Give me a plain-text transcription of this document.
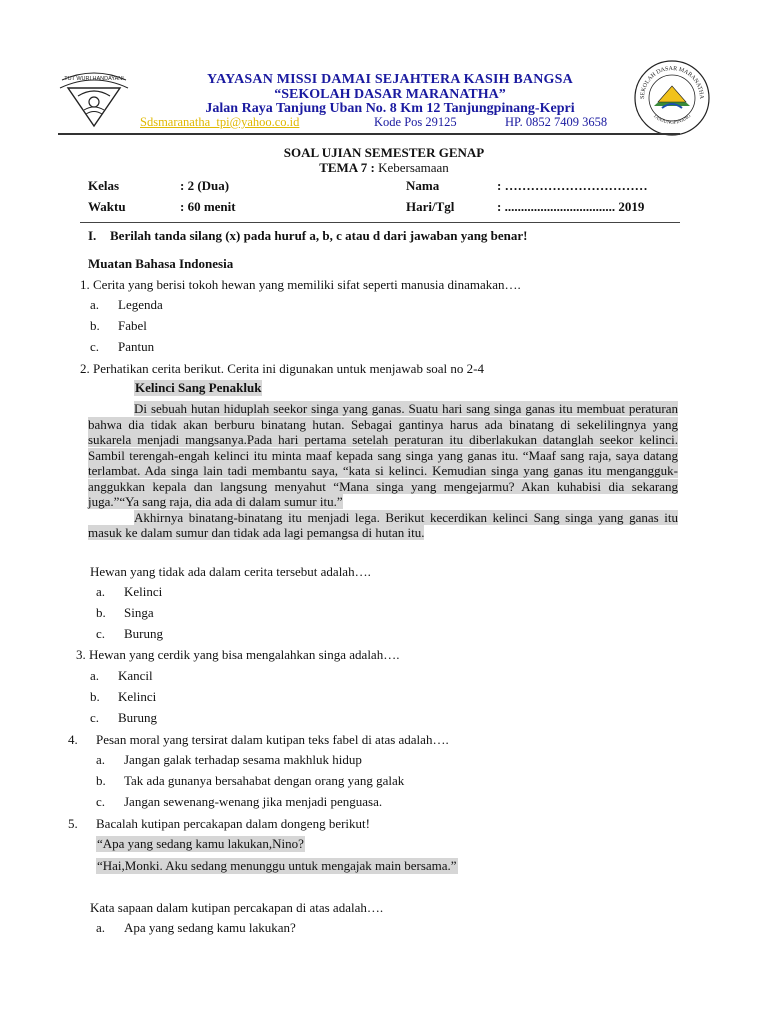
TUT WURI HANDAYANI	YAYASAN MISSI DAMAI SEJAHTERA KASIH BANGSA
“SEKOLAH DASAR MARANATHA”
Jalan Raya Tanjung Uban No. 8 Km 12 Tanjungpinang-Kepri
Sdsmaranatha_tpi@yahoo.co.id	Kode Pos 29125	HP. 0852 7409 3658
SEKOLAH DASAR MARANATHA
TANJUNGPINANG
SOAL UJIAN SEMESTER GENAP
TEMA 7 : Kebersamaan
Kelas	: 2 (Dua)	Nama	: ……………………………
Waktu	: 60 menit	Hari/Tgl	: .................................. 2019
I. Berilah tanda silang (x) pada huruf a, b, c atau d dari jawaban yang benar!
Muatan Bahasa Indonesia
1. Cerita yang berisi tokoh hewan yang memiliki sifat seperti manusia dinamakan….
a. Legenda
b. Fabel
c. Pantun
2. Perhatikan cerita berikut. Cerita ini digunakan untuk menjawab soal no 2-4
Kelinci Sang Penakluk

Di sebuah hutan hiduplah seekor singa yang ganas. Suatu hari sang singa ganas itu membuat peraturan bahwa dia tidak akan berburu binatang hutan. Sebagai gantinya harus ada binatang di sekelilingnya yang sukarela menjadi mangsanya.Pada hari pertama setelah peraturan itu diberlakukan datanglah seekor kelinci. Sambil terengah-engah kelinci itu minta maaf kepada sang singa yang ganas itu. “Maaf sang raja, saya datang terlambat. Ada singa lain tadi membantu saya, “kata si kelinci. Kemudian singa yang ganas itu mengangguk-anggukkan kepala dan langsung menyahut “Mana singa yang mengejarmu? Akan kuhabisi dia sekarang juga.”“Ya sang raja, dia ada di dalam sumur itu.”

Akhirnya binatang-binatang itu menjadi lega. Berikut kecerdikan kelinci Sang singa yang ganas itu masuk ke dalam sumur dan tidak ada lagi pemangsa di hutan itu.

Hewan yang tidak ada dalam cerita tersebut adalah….
a. Kelinci
b. Singa
c. Burung
3. Hewan yang cerdik yang bisa mengalahkan singa adalah….
a. Kancil
b. Kelinci
c. Burung
4. Pesan moral yang tersirat dalam kutipan teks fabel di atas adalah….
a. Jangan galak terhadap sesama makhluk hidup
b. Tak ada gunanya bersahabat dengan orang yang galak
c. Jangan sewenang-wenang jika menjadi penguasa.
5. Bacalah kutipan percakapan dalam dongeng berikut!
“Apa yang sedang kamu lakukan,Nino?
“Hai,Monki. Aku sedang menunggu untuk mengajak main bersama.”
Kata sapaan dalam kutipan percakapan di atas adalah….
a. Apa yang sedang kamu lakukan?
